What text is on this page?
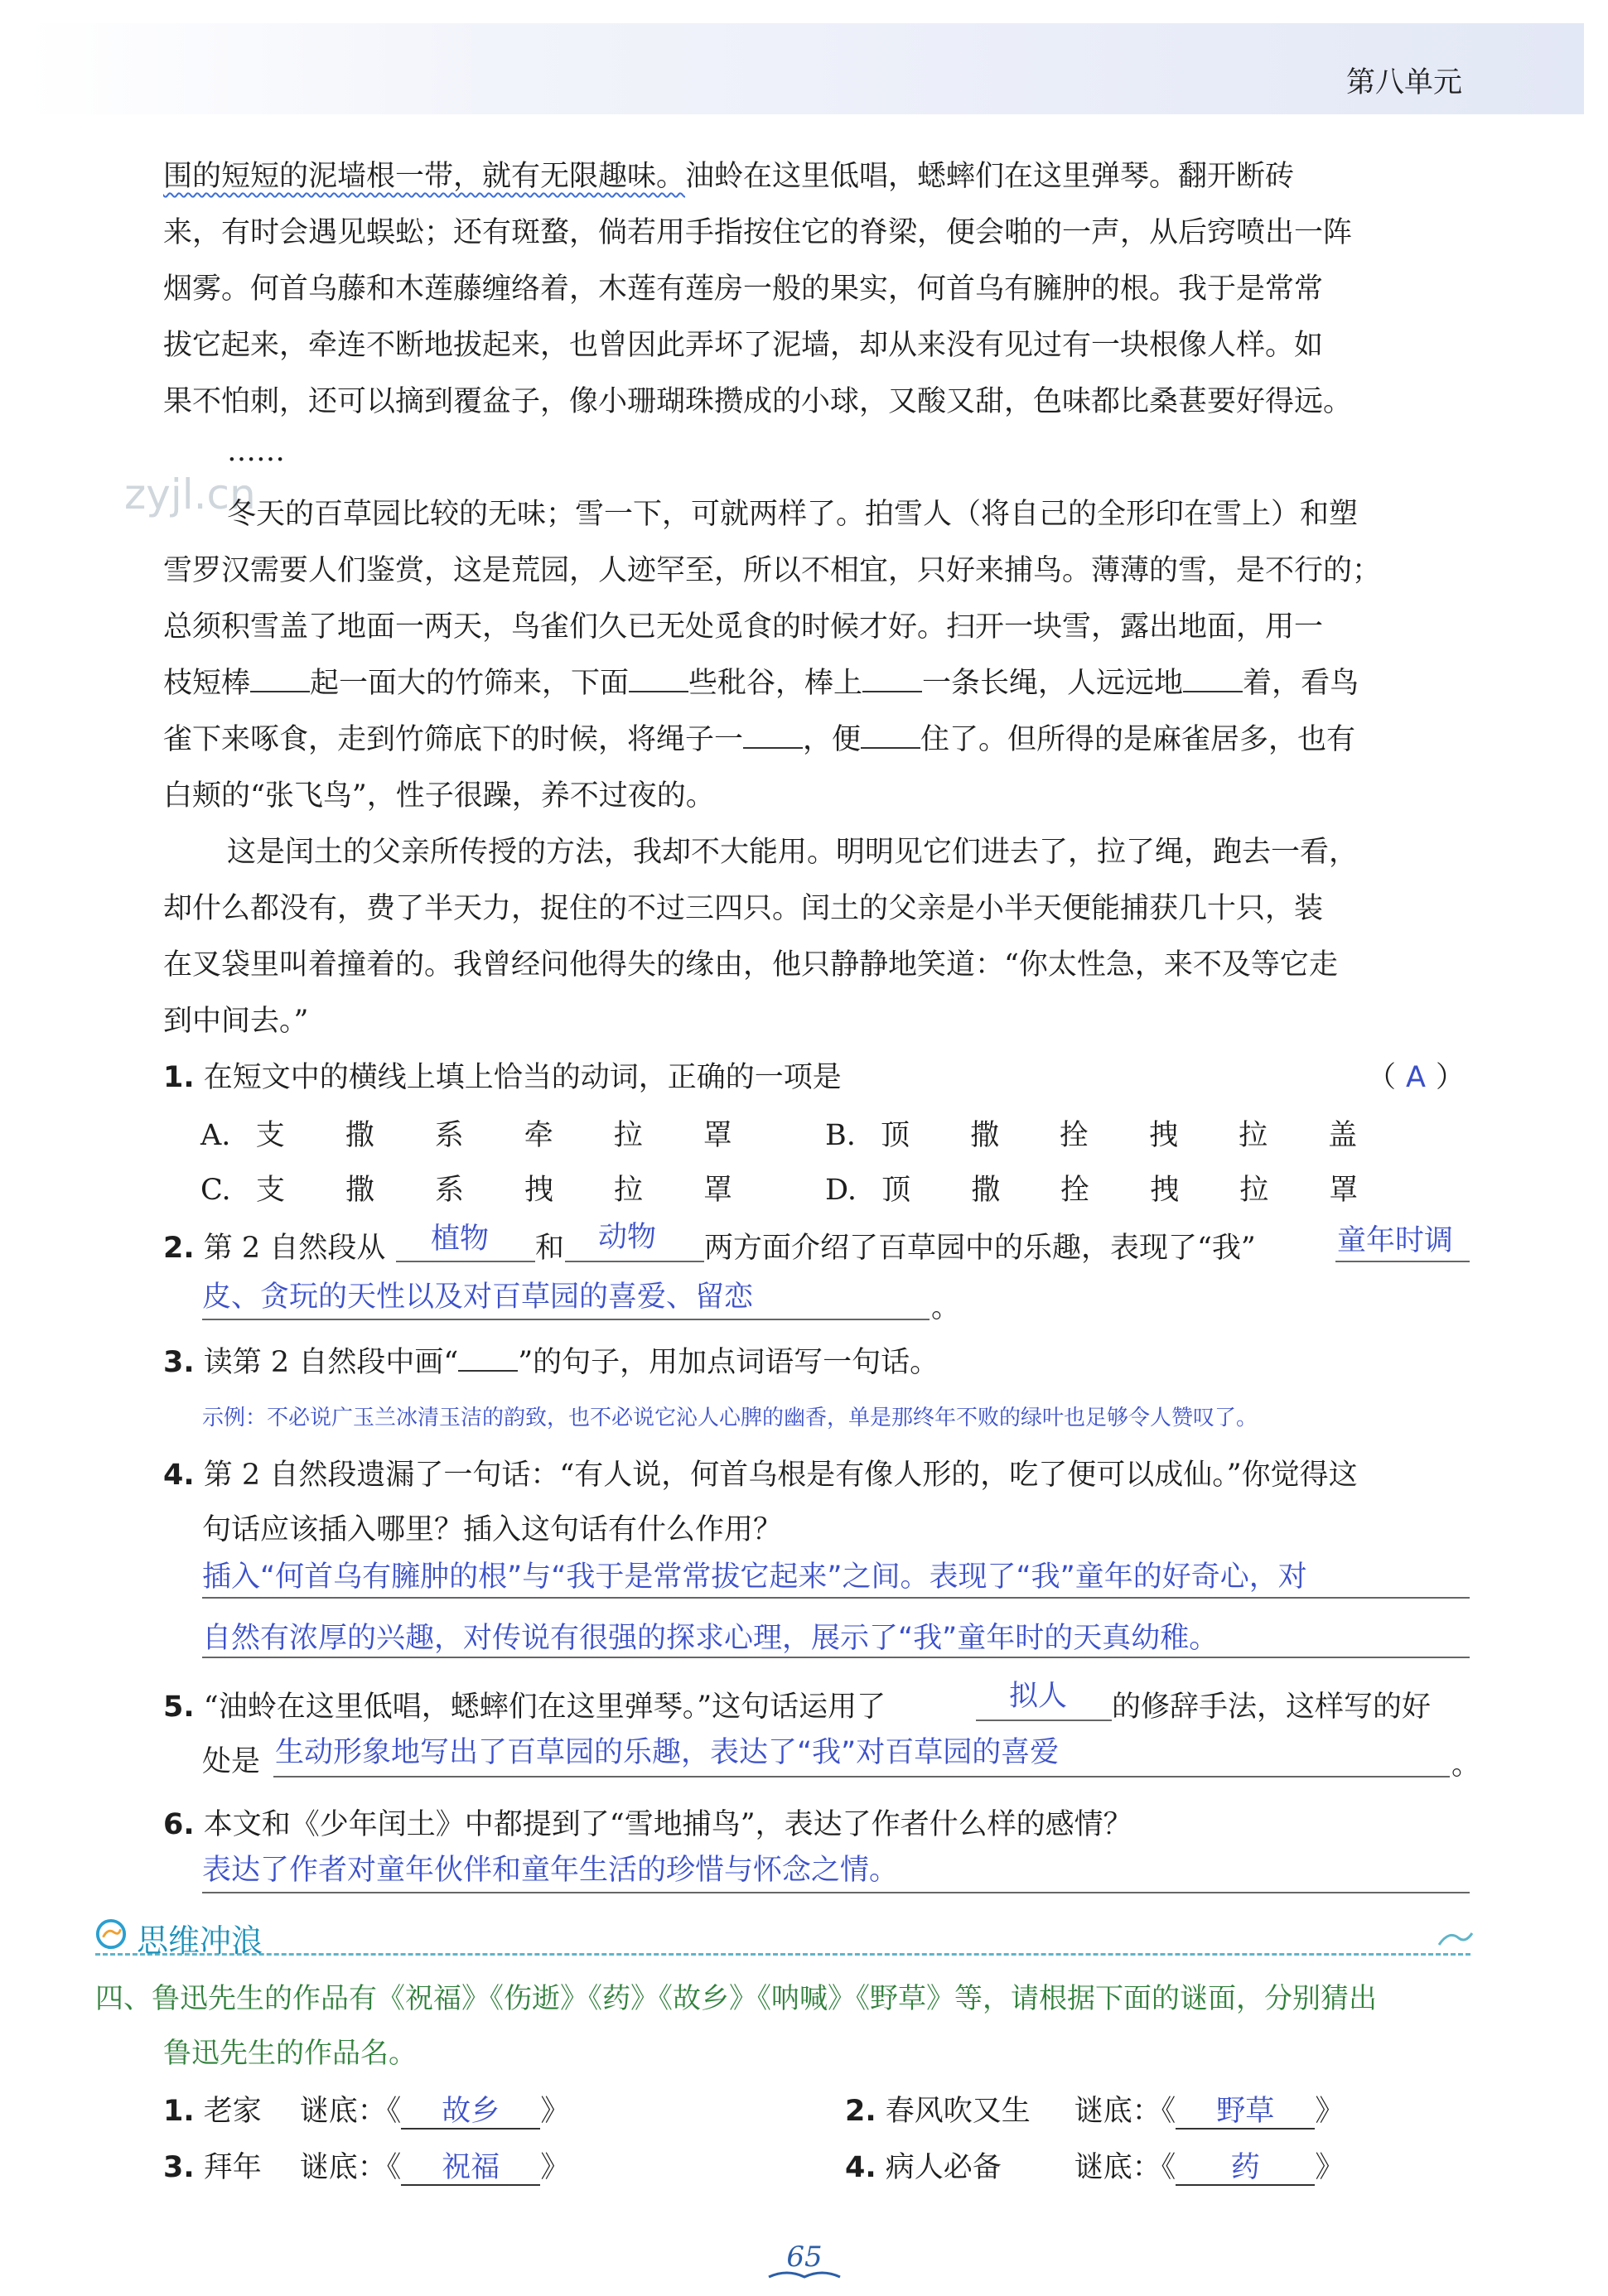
第八单元
zyjl.cn
围的短短的泥墙根一带，就有无限趣味。油蛉在这里低唱，蟋蟀们在这里弹琴。翻开断砖
来，有时会遇见蜈蚣；还有斑蝥，倘若用手指按住它的脊梁，便会啪的一声，从后窍喷出一阵
烟雾。何首乌藤和木莲藤缠络着，木莲有莲房一般的果实，何首乌有臃肿的根。我于是常常
拔它起来，牵连不断地拔起来，也曾因此弄坏了泥墙，却从来没有见过有一块根像人样。如
果不怕刺，还可以摘到覆盆子，像小珊瑚珠攒成的小球，又酸又甜，色味都比桑葚要好得远。
……
冬天的百草园比较的无味；雪一下，可就两样了。拍雪人（将自己的全形印在雪上）和塑
雪罗汉需要人们鉴赏，这是荒园，人迹罕至，所以不相宜，只好来捕鸟。薄薄的雪，是不行的；
总须积雪盖了地面一两天，鸟雀们久已无处觅食的时候才好。扫开一块雪，露出地面，用一
枝短棒 起一面大的竹筛来，下面 些秕谷，棒上 一条长绳，人远远地 着，看鸟
雀下来啄食，走到竹筛底下的时候，将绳子一 ，便 住了。但所得的是麻雀居多，也有
白颊的“张飞鸟”，性子很躁，养不过夜的。
这是闰土的父亲所传授的方法，我却不大能用。明明见它们进去了，拉了绳，跑去一看，
却什么都没有，费了半天力，捉住的不过三四只。闰土的父亲是小半天便能捕获几十只，装
在叉袋里叫着撞着的。我曾经问他得失的缘由，他只静静地笑道：“你太性急，来不及等它走
到中间去。”
1. 在短文中的横线上填上恰当的动词，正确的一项是	（ A ）
A. 支 撒 系 牵 拉 罩	B. 顶 撒 拴 拽 拉 盖
C. 支 撒 系 拽 拉 罩	D. 顶 撒 拴 拽 拉 罩
2. 第 2 自然段从 植物 和 动物 两方面介绍了百草园中的乐趣，表现了“我”	童年时调
皮、贪玩的天性以及对百草园的喜爱、留恋	。
3. 读第 2 自然段中画“ ”的句子，用加点词语写一句话。
示例：不必说广玉兰冰清玉洁的韵致，也不必说它沁人心脾的幽香，单是那终年不败的绿叶也足够令人赞叹了。
4. 第 2 自然段遗漏了一句话：“有人说，何首乌根是有像人形的，吃了便可以成仙。”你觉得这
句话应该插入哪里？插入这句话有什么作用？
插入“何首乌有臃肿的根”与“我于是常常拔它起来”之间。表现了“我”童年的好奇心，对
自然有浓厚的兴趣，对传说有很强的探求心理，展示了“我”童年时的天真幼稚。
5. “油蛉在这里低唱，蟋蟀们在这里弹琴。”这句话运用了	拟人 的修辞手法，这样写的好
处是 生动形象地写出了百草园的乐趣，表达了“我”对百草园的喜爱	。
6. 本文和《少年闰土》中都提到了“雪地捕鸟”，表达了作者什么样的感情？
表达了作者对童年伙伴和童年生活的珍惜与怀念之情。
思维冲浪
四、鲁迅先生的作品有《祝福》《伤逝》《药》《故乡》《呐喊》《野草》等，请根据下面的谜面，分别猜出
鲁迅先生的作品名。
1. 老家 谜底：《 故乡 》	2. 春风吹又生 谜底：《 野草 》
3. 拜年 谜底：《 祝福 》	4. 病人必备	谜底：《 药 》
65
